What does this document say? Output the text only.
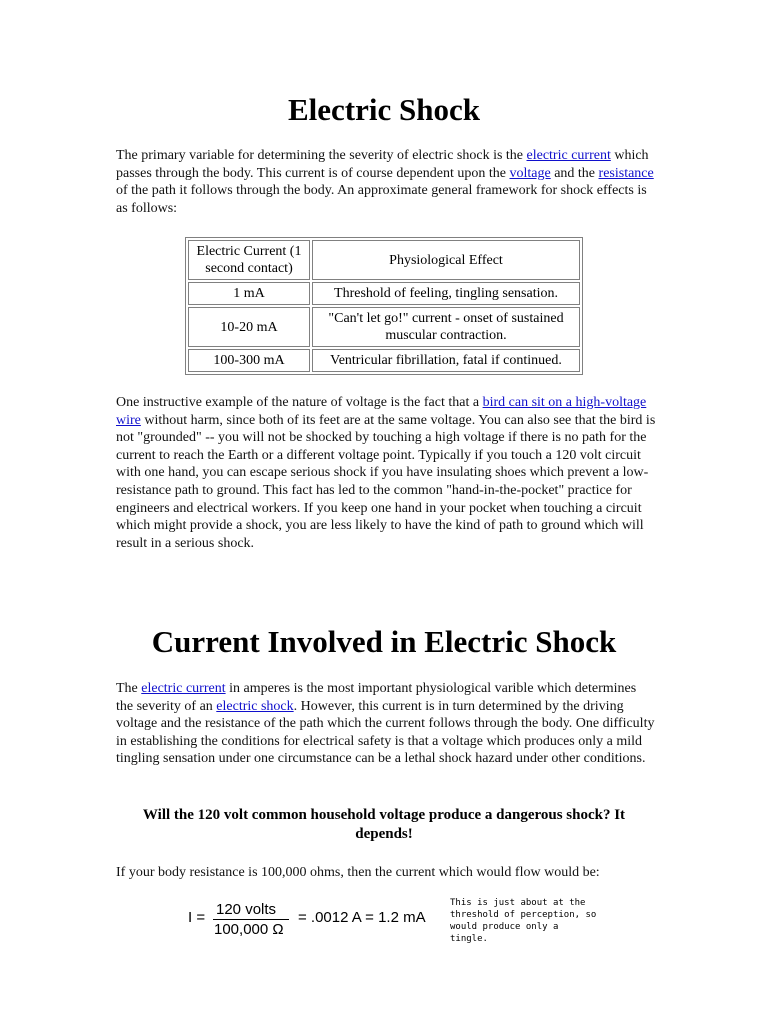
Electric Shock

The primary variable for determining the severity of electric shock is the electric current which passes through the body. This current is of course dependent upon the voltage and the resistance of the path it follows through the body. An approximate general framework for shock effects is as follows:

Electric Current (1 second contact)	Physiological Effect
1 mA	Threshold of feeling, tingling sensation.
10-20 mA	"Can't let go!" current - onset of sustained muscular contraction.
100-300 mA	Ventricular fibrillation, fatal if continued.

One instructive example of the nature of voltage is the fact that a bird can sit on a high-voltage wire without harm, since both of its feet are at the same voltage. You can also see that the bird is not "grounded" -- you will not be shocked by touching a high voltage if there is no path for the current to reach the Earth or a different voltage point. Typically if you touch a 120 volt circuit with one hand, you can escape serious shock if you have insulating shoes which prevent a low-resistance path to ground. This fact has led to the common "hand-in-the-pocket" practice for engineers and electrical workers. If you keep one hand in your pocket when touching a circuit which might provide a shock, you are less likely to have the kind of path to ground which will result in a serious shock.

Current Involved in Electric Shock

The electric current in amperes is the most important physiological varible which determines the severity of an electric shock. However, this current is in turn determined by the driving voltage and the resistance of the path which the current follows through the body. One difficulty in establishing the conditions for electrical safety is that a voltage which produces only a mild tingling sensation under one circumstance can be a lethal shock hazard under other conditions.

Will the 120 volt common household voltage produce a dangerous shock? It depends!

If your body resistance is 100,000 ohms, then the current which would flow would be:

I = 120 volts
100,000 Ω
= .0012 A = 1.2 mA
This is just about at the threshold of perception, so would produce only a tingle.
